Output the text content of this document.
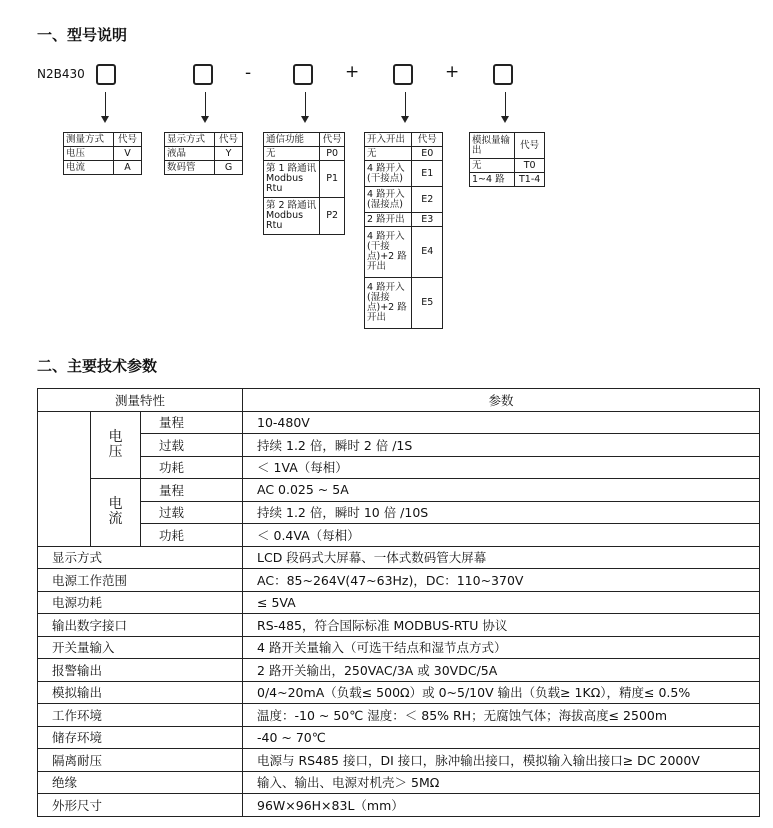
一、型号说明
N2B430	-	+	+
测量方式	代号
电压	V
电流	A
显示方式	代号
液晶	Y
数码管	G
通信功能	代号
无	P0
第 1 路通讯 Modbus Rtu	P1
第 2 路通讯 Modbus Rtu	P2
开入开出	代号
无	E0
4 路开入(干接点)	E1
4 路开入(湿接点)	E2
2 路开出	E3
4 路开入(干接点)+2 路 开出	E4
4 路开入(湿接点)+2 路 开出	E5
模拟量输出	代号
无	T0
1~4 路	T1-4
二、主要技术参数
测量特性			参数
	电压	量程	10-480V
		过载	持续 1.2 倍，瞬时 2 倍 /1S
		功耗	＜ 1VA（每相）
	电流	量程	AC 0.025 ~ 5A
		过载	持续 1.2 倍，瞬时 10 倍 /10S
		功耗	＜ 0.4VA（每相）
显示方式			LCD 段码式大屏幕、一体式数码管大屏幕
电源工作范围			AC：85~264V(47~63Hz)，DC：110~370V
电源功耗			≤ 5VA
输出数字接口			RS-485，符合国际标准 MODBUS-RTU 协议
开关量输入			4 路开关量输入（可选干结点和湿节点方式）
报警输出			2 路开关输出，250VAC/3A 或 30VDC/5A
模拟输出			0/4~20mA（负载≤ 500Ω）或 0~5/10V 输出（负载≥ 1KΩ），精度≤ 0.5%
工作环境			温度：-10 ~ 50℃ 湿度：＜ 85% RH；无腐蚀气体；海拔高度≤ 2500m
储存环境			-40 ~ 70℃
隔离耐压			电源与 RS485 接口，DI 接口，脉冲输出接口，模拟输入输出接口≥ DC 2000V
绝缘			输入、输出、电源对机壳＞ 5MΩ
外形尺寸			96W×96H×83L（mm）
